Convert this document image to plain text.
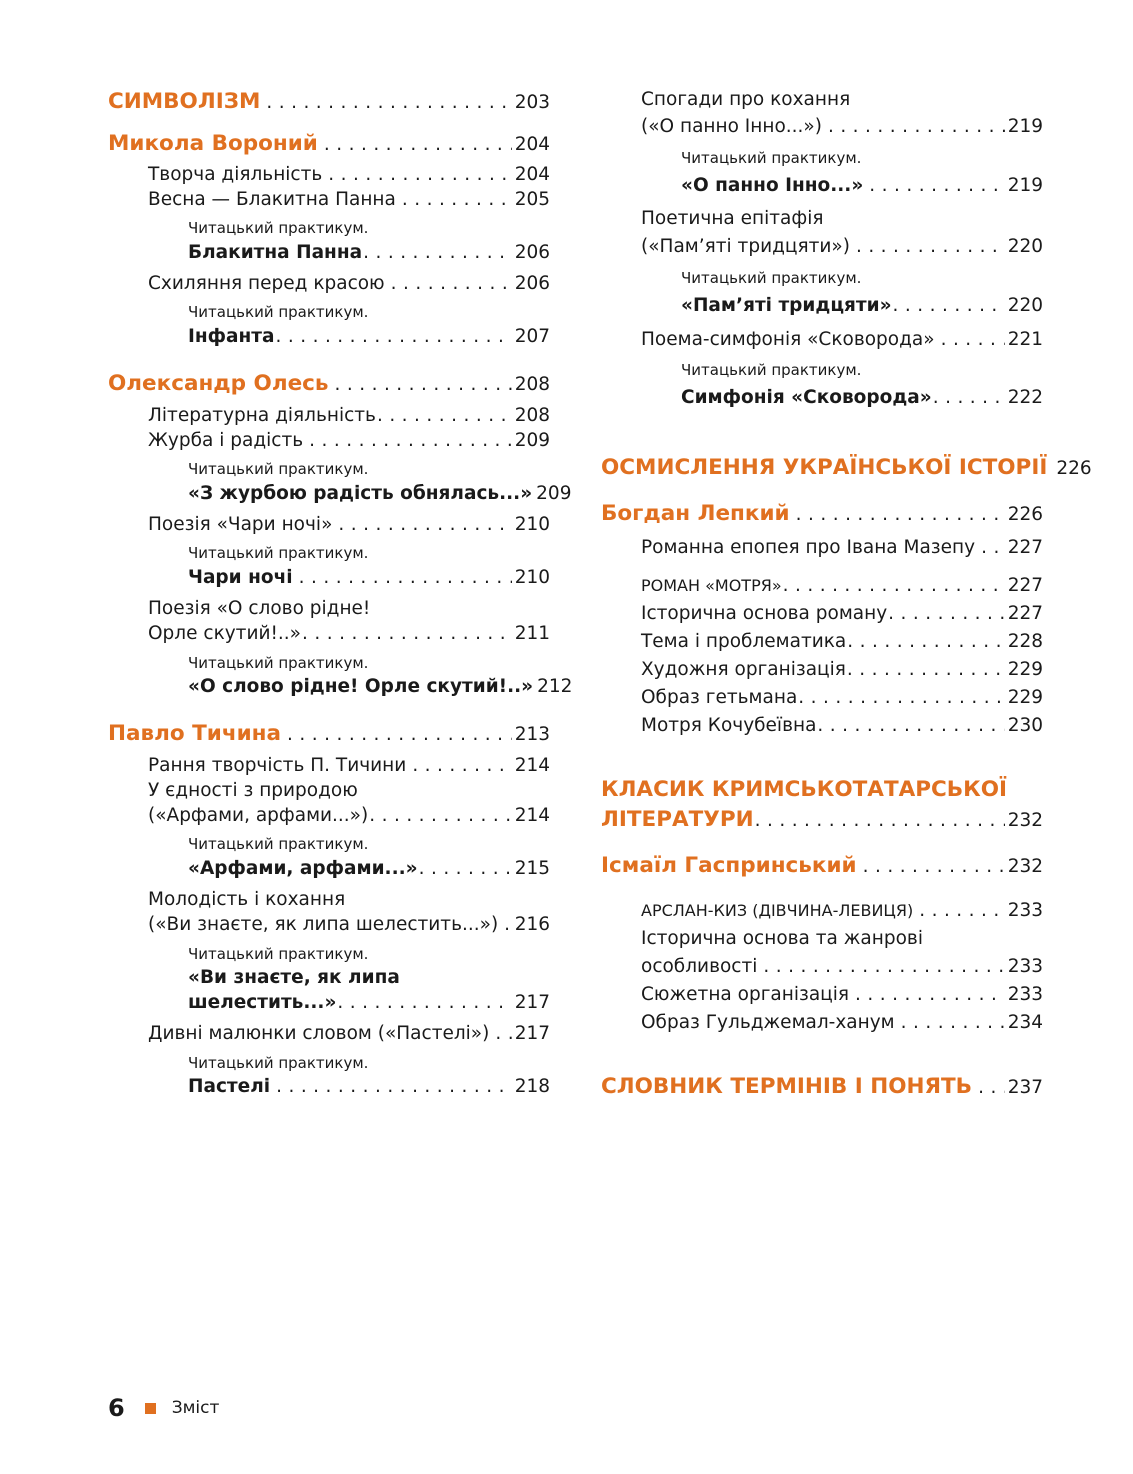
СИМВОЛІЗМ . . .	203
Микола Вороний . . .	204
Творча діяльність . . .	204
Весна — Блакитна Панна . . .	205
Читацький практикум.
Блакитна Панна . . .	206
Схиляння перед красою . . .	206
Читацький практикум.
Інфанта . . .	207
Олександр Олесь . . .	208
Літературна діяльність . . .	208
Журба і радість . . .	209
Читацький практикум.
«З журбою радість обнялась...» 209
Поезія «Чари ночі» . . .	210
Читацький практикум.
Чари ночі . . .	210
Поезія «О слово рідне!
Орле скутий!..» . . .	211
Читацький практикум.
«О слово рідне! Орле скутий!..» 212
Павло Тичина . . .	213
Рання творчість П. Тичини . . .	214
У єдності з природою
(«Арфами, арфами...») . . .	214
Читацький практикум.
«Арфами, арфами...» . . .	215
Молодість і кохання
(«Ви знаєте, як липа шелестить...») . . . 216
Читацький практикум.
«Ви знаєте, як липа
шелестить...» . . .	217
Дивні малюнки словом («Пастелі») . . . 217
Читацький практикум.
Пастелі . . .	218
Спогади про кохання
(«О панно Інно...») . . .	219
Читацький практикум.
«О панно Інно...» . . .	219
Поетична епітафія
(«Пам’яті тридцяти») . . .	220
Читацький практикум.
«Пам’яті тридцяти» . . .	220
Поема-симфонія «Сковорода» . . .	221
Читацький практикум.
Симфонія «Сковорода» . . .	222
ОСМИСЛЕННЯ УКРАЇНСЬКОЇ ІСТОРІЇ 226
Богдан Лепкий . . .	226
Романна епопея про Івана Мазепу . . . 227
РОМАН «МОТРЯ» . . .	227
Історична основа роману . . .	227
Тема і проблематика . . .	228
Художня організація . . .	229
Образ гетьмана . . .	229
Мотря Кочубеївна . . .	230
КЛАСИК КРИМСЬКОТАТАРСЬКОЇ
ЛІТЕРАТУРИ . . .	232
Ісмаїл Гаспринський . . .	232
АРСЛАН-КИЗ (ДІВЧИНА-ЛЕВИЦЯ) . . .	233
Історична основа та жанрові
особливості . . .	233
Сюжетна організація . . .	233
Образ Гульджемал-ханум . . .	234
СЛОВНИК ТЕРМІНІВ І ПОНЯТЬ . . . 237
6	Зміст
